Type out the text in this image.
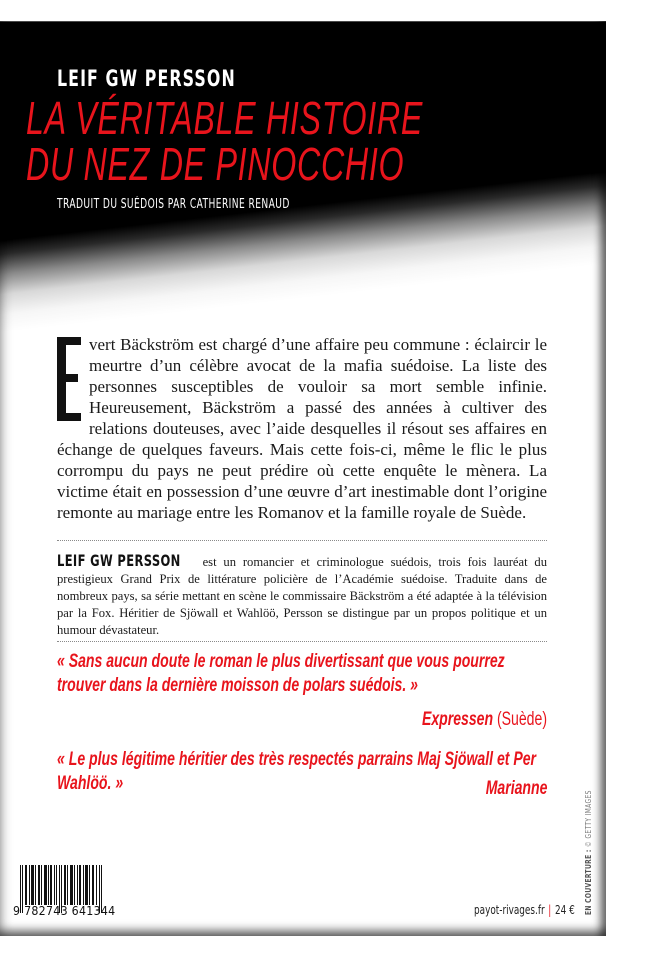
LEIF GW PERSSON
LA VÉRITABLE HISTOIRE
DU NEZ DE PINOCCHIO
TRADUIT DU SUÉDOIS PAR CATHERINE RENAUD
vert Bäckström est chargé d’une affaire peu commune : éclaircir le meurtre d’un célèbre avocat de la mafia suédoise. La liste des personnes susceptibles de vouloir sa mort semble infinie. Heureusement, Bäckström a passé des années à cultiver des relations douteuses, avec l’aide desquelles il résout ses affaires en échange de quelques faveurs. Mais cette fois-ci, même le flic le plus corrompu du pays ne peut prédire où cette enquête le mènera. La victime était en possession d’une œuvre d’art inestimable dont l’origine remonte au mariage entre les Romanov et la famille royale de Suède.
LEIF GW PERSSON est un romancier et criminologue suédois, trois fois lauréat du prestigieux Grand Prix de littérature policière de l’Académie suédoise. Traduite dans de nombreux pays, sa série mettant en scène le commissaire Bäckström a été adaptée à la télévision par la Fox. Héritier de Sjöwall et Wahlöö, Persson se distingue par un propos politique et un humour dévastateur.
« Sans aucun doute le roman le plus divertissant que vous pourrez trouver dans la dernière moisson de polars suédois. »
Expressen (Suède)
« Le plus légitime héritier des très respectés parrains Maj Sjöwall et Per Wahlöö. »	Marianne
9 782743 641344	payot-rivages.fr | 24 € EN COUVERTURE : © GETTY IMAGES
